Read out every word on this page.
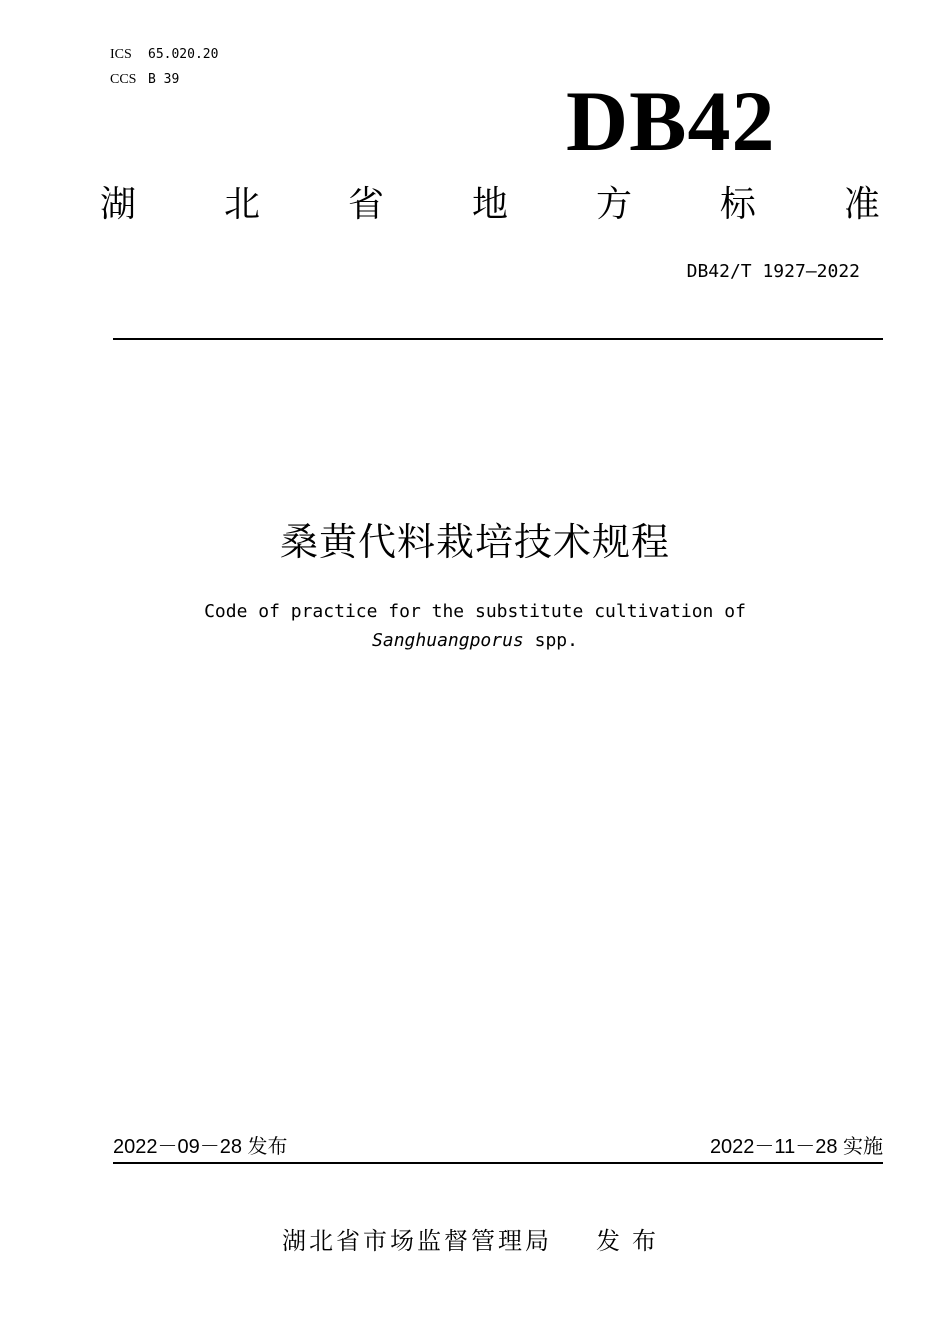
ICS 65.020.20
CCS B 39	DB42
湖 北 省 地 方 标 准
DB42/T 1927—2022
桑黄代料栽培技术规程
Code of practice for the substitute cultivation of
Sanghuangporus spp.
2022－09－28 发布	2022－11－28 实施
湖北省市场监督管理局 发布
